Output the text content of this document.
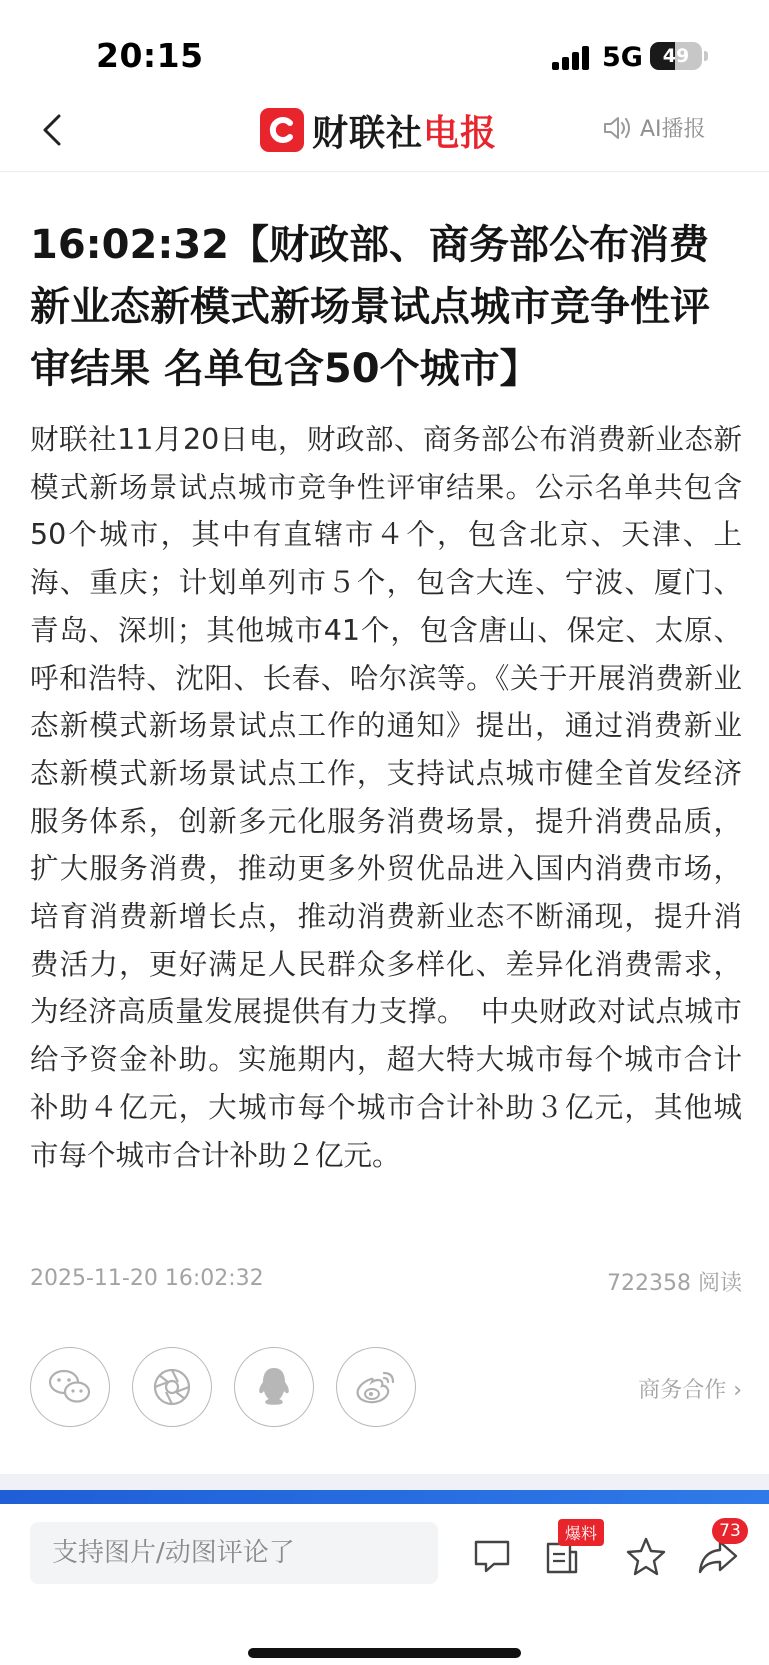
20:15	5G	49
财联社电报	AI播报
16:02:32【财政部、商务部公布消费新业态新模式新场景试点城市竞争性评审结果 名单包含50个城市】
财联社11月20日电，财政部、商务部公布消费新业态新模式新场景试点城市竞争性评审结果。公示名单共包含50个城市，其中有直辖市４个，包含北京、天津、上海、重庆；计划单列市５个，包含大连、宁波、厦门、青岛、深圳；其他城市41个，包含唐山、保定、太原、呼和浩特、沈阳、长春、哈尔滨等。《关于开展消费新业态新模式新场景试点工作的通知》提出，通过消费新业态新模式新场景试点工作，支持试点城市健全首发经济服务体系，创新多元化服务消费场景，提升消费品质，扩大服务消费，推动更多外贸优品进入国内消费市场，培育消费新增长点，推动消费新业态不断涌现，提升消费活力，更好满足人民群众多样化、差异化消费需求，为经济高质量发展提供有力支撑。　中央财政对试点城市给予资金补助。实施期内，超大特大城市每个城市合计补助４亿元，大城市每个城市合计补助３亿元，其他城市每个城市合计补助２亿元。
2025-11-20 16:02:32	722358 阅读
商务合作 ›
支持图片/动图评论了
爆料	73
